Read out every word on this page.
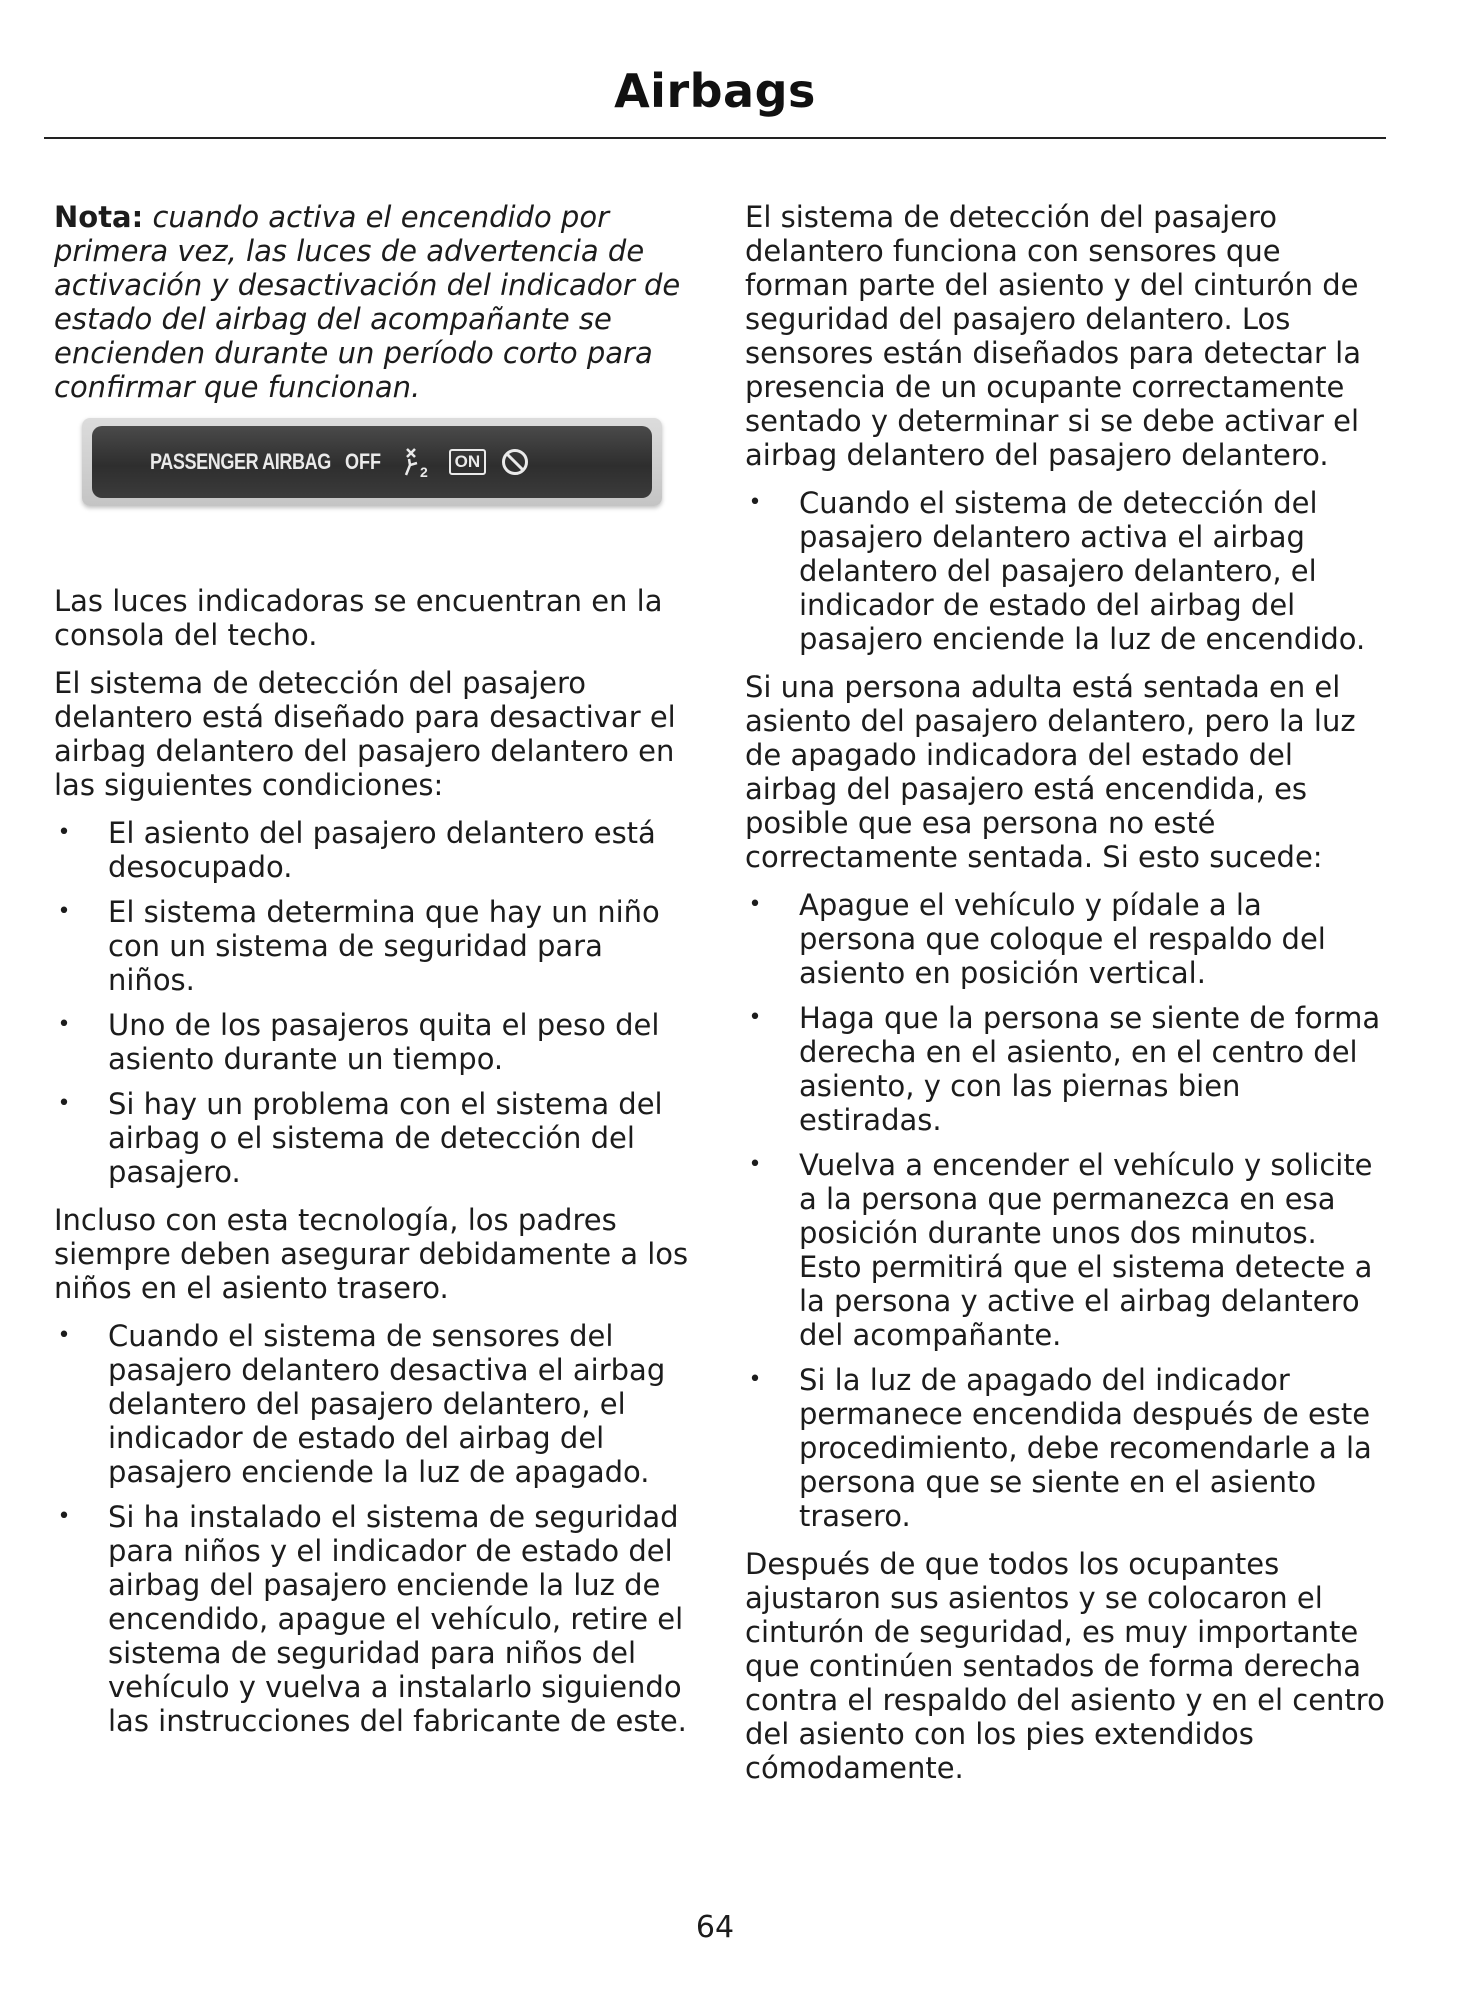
Airbags

Nota: cuando activa el encendido por primera vez, las luces de advertencia de activación y desactivación del indicador de estado del airbag del acompañante se encienden durante un período corto para confirmar que funcionan.

PASSENGER AIRBAG OFF	2
ON

Las luces indicadoras se encuentran en la consola del techo.

El sistema de detección del pasajero delantero está diseñado para desactivar el airbag delantero del pasajero delantero en las siguientes condiciones:

• El asiento del pasajero delantero está desocupado.
• El sistema determina que hay un niño con un sistema de seguridad para niños.
• Uno de los pasajeros quita el peso del asiento durante un tiempo.
• Si hay un problema con el sistema del airbag o el sistema de detección del pasajero.

Incluso con esta tecnología, los padres siempre deben asegurar debidamente a los niños en el asiento trasero.

• Cuando el sistema de sensores del pasajero delantero desactiva el airbag delantero del pasajero delantero, el indicador de estado del airbag del pasajero enciende la luz de apagado.
• Si ha instalado el sistema de seguridad para niños y el indicador de estado del airbag del pasajero enciende la luz de encendido, apague el vehículo, retire el sistema de seguridad para niños del vehículo y vuelva a instalarlo siguiendo las instrucciones del fabricante de este.

El sistema de detección del pasajero delantero funciona con sensores que forman parte del asiento y del cinturón de seguridad del pasajero delantero. Los sensores están diseñados para detectar la presencia de un ocupante correctamente sentado y determinar si se debe activar el airbag delantero del pasajero delantero.

• Cuando el sistema de detección del pasajero delantero activa el airbag delantero del pasajero delantero, el indicador de estado del airbag del pasajero enciende la luz de encendido.

Si una persona adulta está sentada en el asiento del pasajero delantero, pero la luz de apagado indicadora del estado del airbag del pasajero está encendida, es posible que esa persona no esté correctamente sentada. Si esto sucede:

• Apague el vehículo y pídale a la persona que coloque el respaldo del asiento en posición vertical.
• Haga que la persona se siente de forma derecha en el asiento, en el centro del asiento, y con las piernas bien estiradas.
• Vuelva a encender el vehículo y solicite a la persona que permanezca en esa posición durante unos dos minutos. Esto permitirá que el sistema detecte a la persona y active el airbag delantero del acompañante.
• Si la luz de apagado del indicador permanece encendida después de este procedimiento, debe recomendarle a la persona que se siente en el asiento trasero.

Después de que todos los ocupantes ajustaron sus asientos y se colocaron el cinturón de seguridad, es muy importante que continúen sentados de forma derecha contra el respaldo del asiento y en el centro del asiento con los pies extendidos cómodamente.

64
